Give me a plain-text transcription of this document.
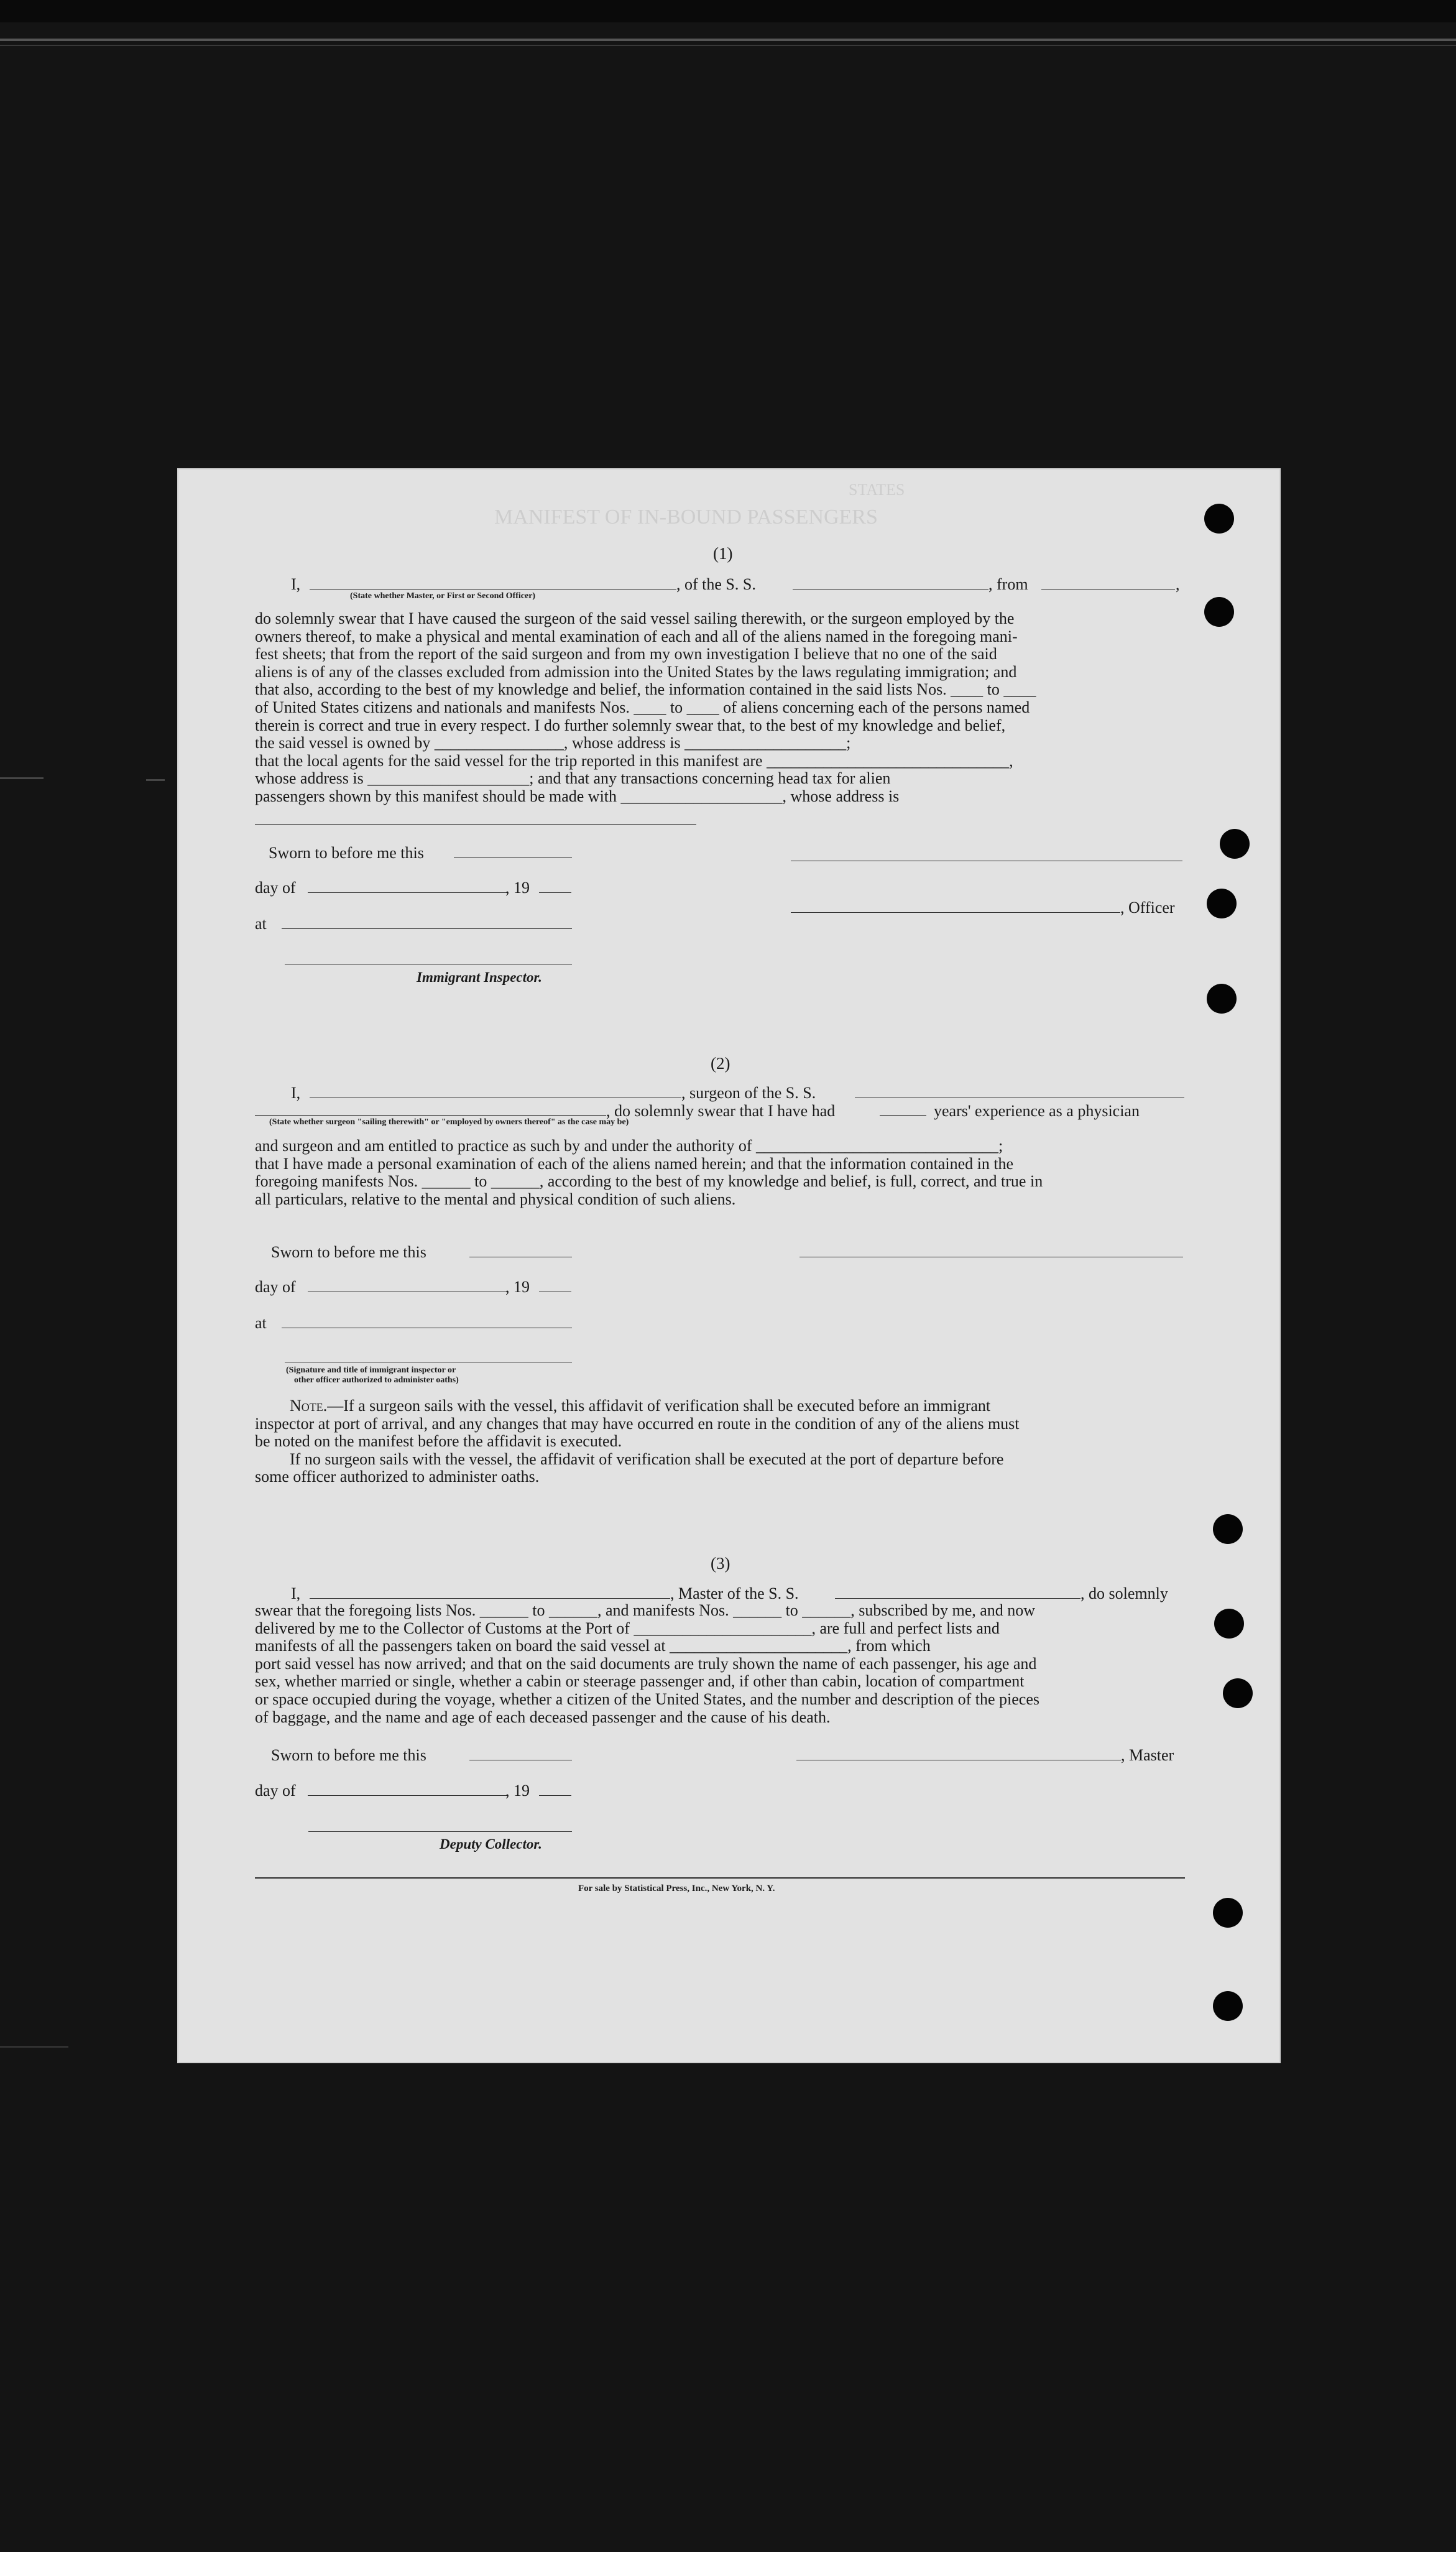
MANIFEST OF IN-BOUND PASSENGERS
STATES
(1)
I,
(State whether Master, or First or Second Officer)
, of the S. S.	, from	,

do solemnly swear that I have caused the surgeon of the said vessel sailing therewith, or the surgeon employed by the

owners thereof, to make a physical and mental examination of each and all of the aliens named in the foregoing mani-

fest sheets; that from the report of the said surgeon and from my own investigation I believe that no one of the said

aliens is of any of the classes excluded from admission into the United States by the laws regulating immigration; and

that also, according to the best of my knowledge and belief, the information contained in the said lists Nos. ____ to ____

of United States citizens and nationals and manifests Nos. ____ to ____ of aliens concerning each of the persons named

therein is correct and true in every respect. I do further solemnly swear that, to the best of my knowledge and belief,

the said vessel is owned by ________________, whose address is ____________________;

that the local agents for the said vessel for the trip reported in this manifest are ______________________________,

whose address is ____________________; and that any transactions concerning head tax for alien

passengers shown by this manifest should be made with ____________________, whose address is

Sworn to before me this
day of	, 19
, Officer
at
Immigrant Inspector.
(2)
I,	, surgeon of the S. S.
, do solemnly swear that I have had	years' experience as a physician
(State whether surgeon "sailing therewith" or "employed by owners thereof" as the case may be)

and surgeon and am entitled to practice as such by and under the authority of ______________________________;

that I have made a personal examination of each of the aliens named herein; and that the information contained in the

foregoing manifests Nos. ______ to ______, according to the best of my knowledge and belief, is full, correct, and true in

all particulars, relative to the mental and physical condition of such aliens.

Sworn to before me this
day of	, 19
at
(Signature and title of immigrant inspector or
other officer authorized to administer oaths)

Note.—If a surgeon sails with the vessel, this affidavit of verification shall be executed before an immigrant

inspector at port of arrival, and any changes that may have occurred en route in the condition of any of the aliens must

be noted on the manifest before the affidavit is executed.

If no surgeon sails with the vessel, the affidavit of verification shall be executed at the port of departure before

some officer authorized to administer oaths.

(3)
I,	, Master of the S. S.	, do solemnly

swear that the foregoing lists Nos. ______ to ______, and manifests Nos. ______ to ______, subscribed by me, and now

delivered by me to the Collector of Customs at the Port of ______________________, are full and perfect lists and

manifests of all the passengers taken on board the said vessel at ______________________, from which

port said vessel has now arrived; and that on the said documents are truly shown the name of each passenger, his age and

sex, whether married or single, whether a cabin or steerage passenger and, if other than cabin, location of compartment

or space occupied during the voyage, whether a citizen of the United States, and the number and description of the pieces

of baggage, and the name and age of each deceased passenger and the cause of his death.

Sworn to before me this	, Master
day of	, 19
Deputy Collector.
For sale by Statistical Press, Inc., New York, N. Y.
